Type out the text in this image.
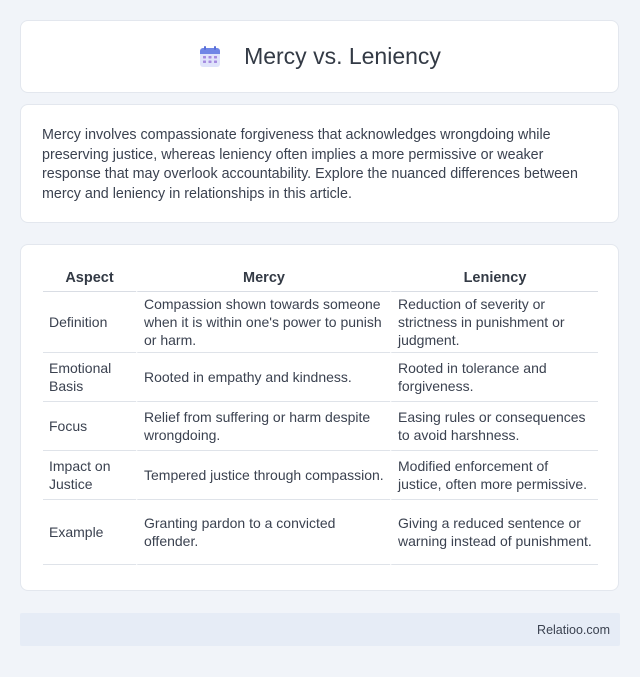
Mercy vs. Leniency

Mercy involves compassionate forgiveness that acknowledges wrongdoing while preserving justice, whereas leniency often implies a more permissive or weaker response that may overlook accountability. Explore the nuanced differences between mercy and leniency in relationships in this article.

Aspect	Mercy	Leniency
Definition	Compassion shown towards someone when it is within one's power to punish or harm.	Reduction of severity or strictness in punishment or judgment.
Emotional Basis	Rooted in empathy and kindness.	Rooted in tolerance and forgiveness.
Focus	Relief from suffering or harm despite wrongdoing.	Easing rules or consequences to avoid harshness.
Impact on Justice	Tempered justice through compassion.	Modified enforcement of justice, often more permissive.
Example	Granting pardon to a convicted offender.	Giving a reduced sentence or warning instead of punishment.
Relatioo.com
